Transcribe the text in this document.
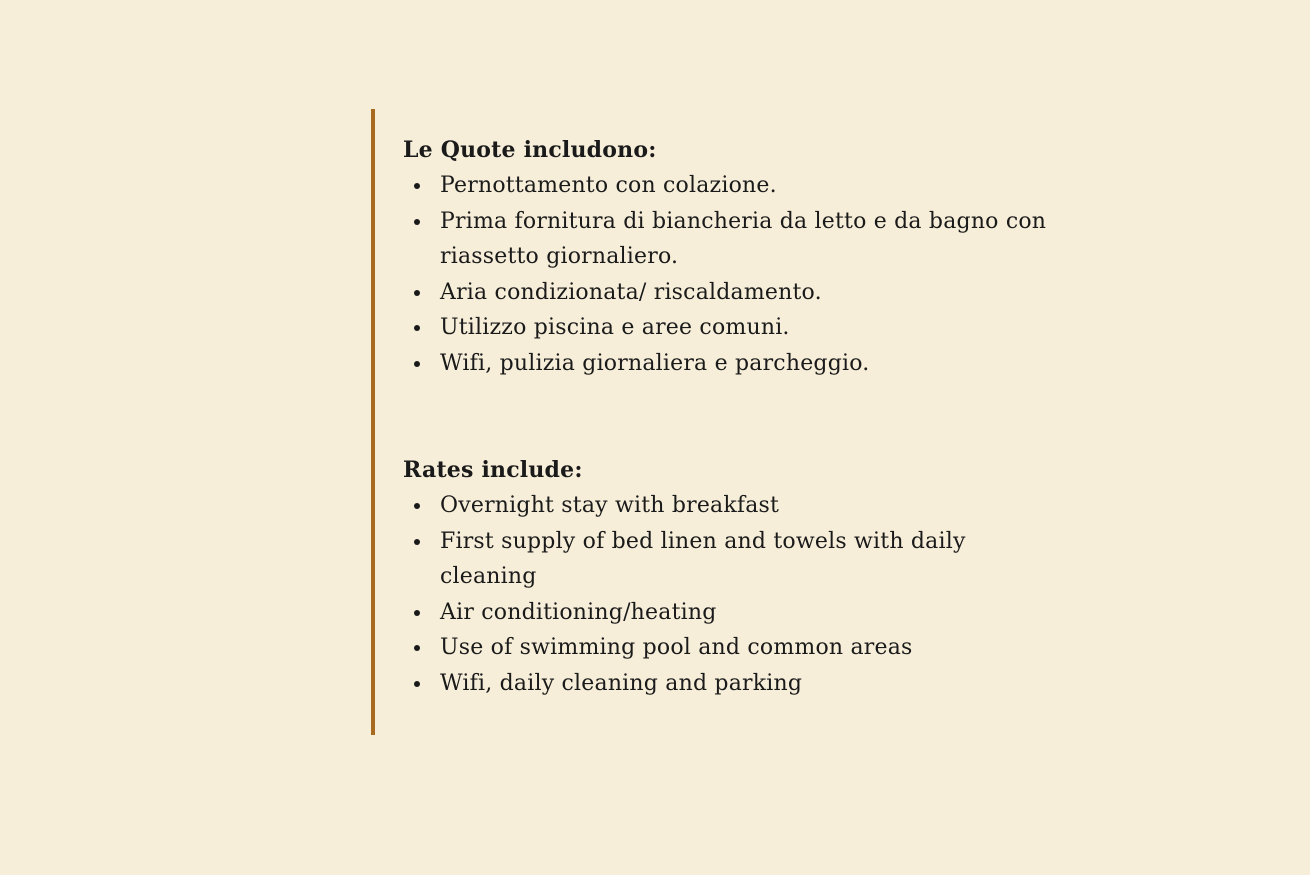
Le Quote includono:
Pernottamento con colazione.
Prima fornitura di biancheria da letto e da bagno con riassetto giornaliero.
Aria condizionata/ riscaldamento.
Utilizzo piscina e aree comuni.
Wifi, pulizia giornaliera e parcheggio.
Rates include:
Overnight stay with breakfast
First supply of bed linen and towels with daily cleaning
Air conditioning/heating
Use of swimming pool and common areas
Wifi, daily cleaning and parking
